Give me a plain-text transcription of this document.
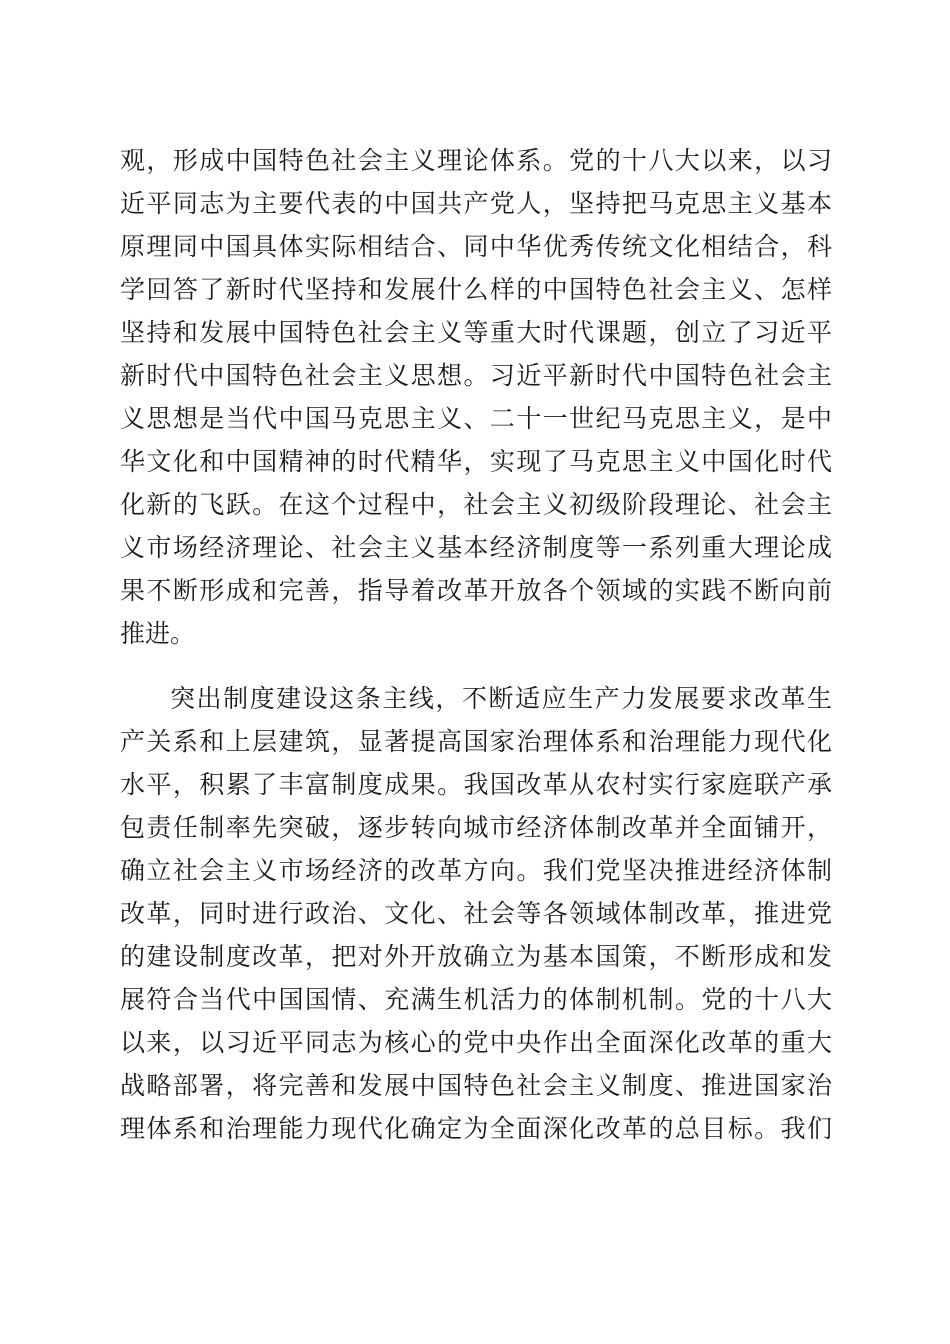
观，形成中国特色社会主义理论体系。党的十八大以来，以习
近平同志为主要代表的中国共产党人，坚持把马克思主义基本
原理同中国具体实际相结合、同中华优秀传统文化相结合，科
学回答了新时代坚持和发展什么样的中国特色社会主义、怎样
坚持和发展中国特色社会主义等重大时代课题，创立了习近平
新时代中国特色社会主义思想。习近平新时代中国特色社会主
义思想是当代中国马克思主义、二十一世纪马克思主义，是中
华文化和中国精神的时代精华，实现了马克思主义中国化时代
化新的飞跃。在这个过程中，社会主义初级阶段理论、社会主
义市场经济理论、社会主义基本经济制度等一系列重大理论成
果不断形成和完善，指导着改革开放各个领域的实践不断向前
推进。
突出制度建设这条主线，不断适应生产力发展要求改革生
产关系和上层建筑，显著提高国家治理体系和治理能力现代化
水平，积累了丰富制度成果。我国改革从农村实行家庭联产承
包责任制率先突破，逐步转向城市经济体制改革并全面铺开，
确立社会主义市场经济的改革方向。我们党坚决推进经济体制
改革，同时进行政治、文化、社会等各领域体制改革，推进党
的建设制度改革，把对外开放确立为基本国策，不断形成和发
展符合当代中国国情、充满生机活力的体制机制。党的十八大
以来，以习近平同志为核心的党中央作出全面深化改革的重大
战略部署，将完善和发展中国特色社会主义制度、推进国家治
理体系和治理能力现代化确定为全面深化改革的总目标。我们
